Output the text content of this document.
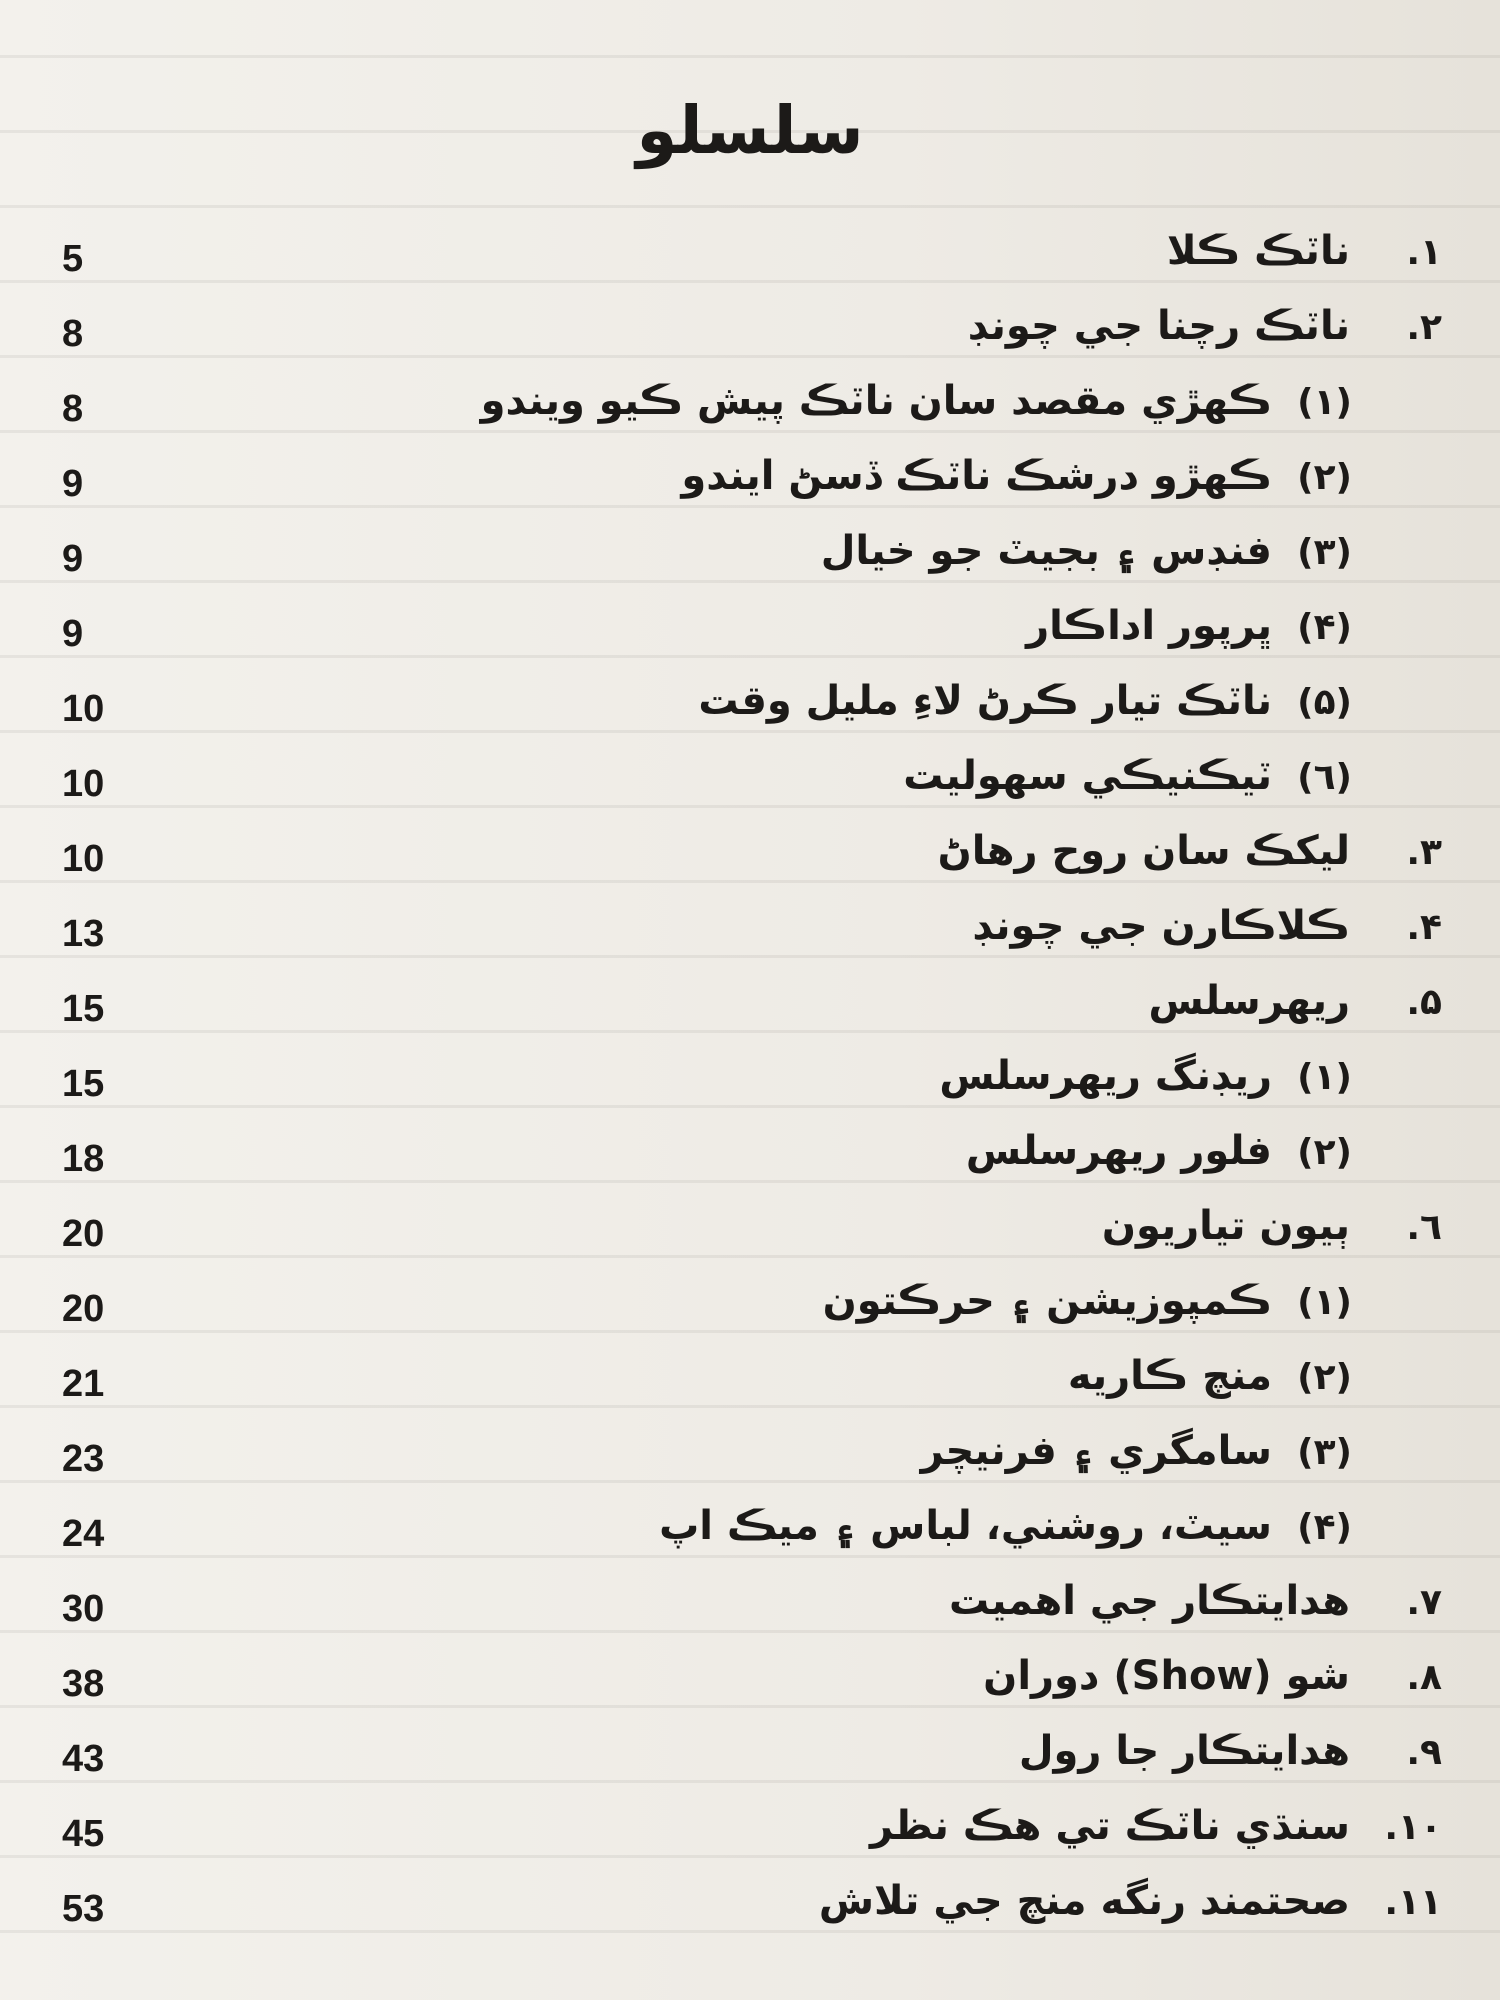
سلسلو
5	۱.
ناٽڪ ڪلا
8	۲.
ناٽڪ رچنا جي چونڊ
8	(۱)
ڪهڙي مقصد سان ناٽڪ پيش ڪيو ويندو
9	(۲)
ڪهڙو درشڪ ناٽڪ ڏسڻ ايندو
9	(۳)
فنڊس ۽ بجيٽ جو خيال
9	(۴)
ڀرپور اداڪار
10	(۵)
ناٽڪ تيار ڪرڻ لاءِ مليل وقت
10	(٦)
ٽيڪنيڪي سهوليت
10	۳.
ليکڪ سان روح رهاڻ
13	۴.
ڪلاڪارن جي چونڊ
15	۵.
ريهرسلس
15	(۱)
ريڊنگ ريهرسلس
18	(۲)
فلور ريهرسلس
20	٦.
ٻيون تياريون
20	(۱)
ڪمپوزيشن ۽ حرڪتون
21	(۲)
منچ ڪاريه
23	(۳)
سامگري ۽ فرنيچر
24	(۴)
سيٽ، روشني، لباس ۽ ميڪ اپ
30	۷.
هدايتڪار جي اهميت
38	۸.
شو (Show) دوران
43	۹.
هدايتڪار جا رول
45	۱۰.
سنڌي ناٽڪ تي هڪ نظر
53	۱۱.
صحتمند رنگه منچ جي تلاش
